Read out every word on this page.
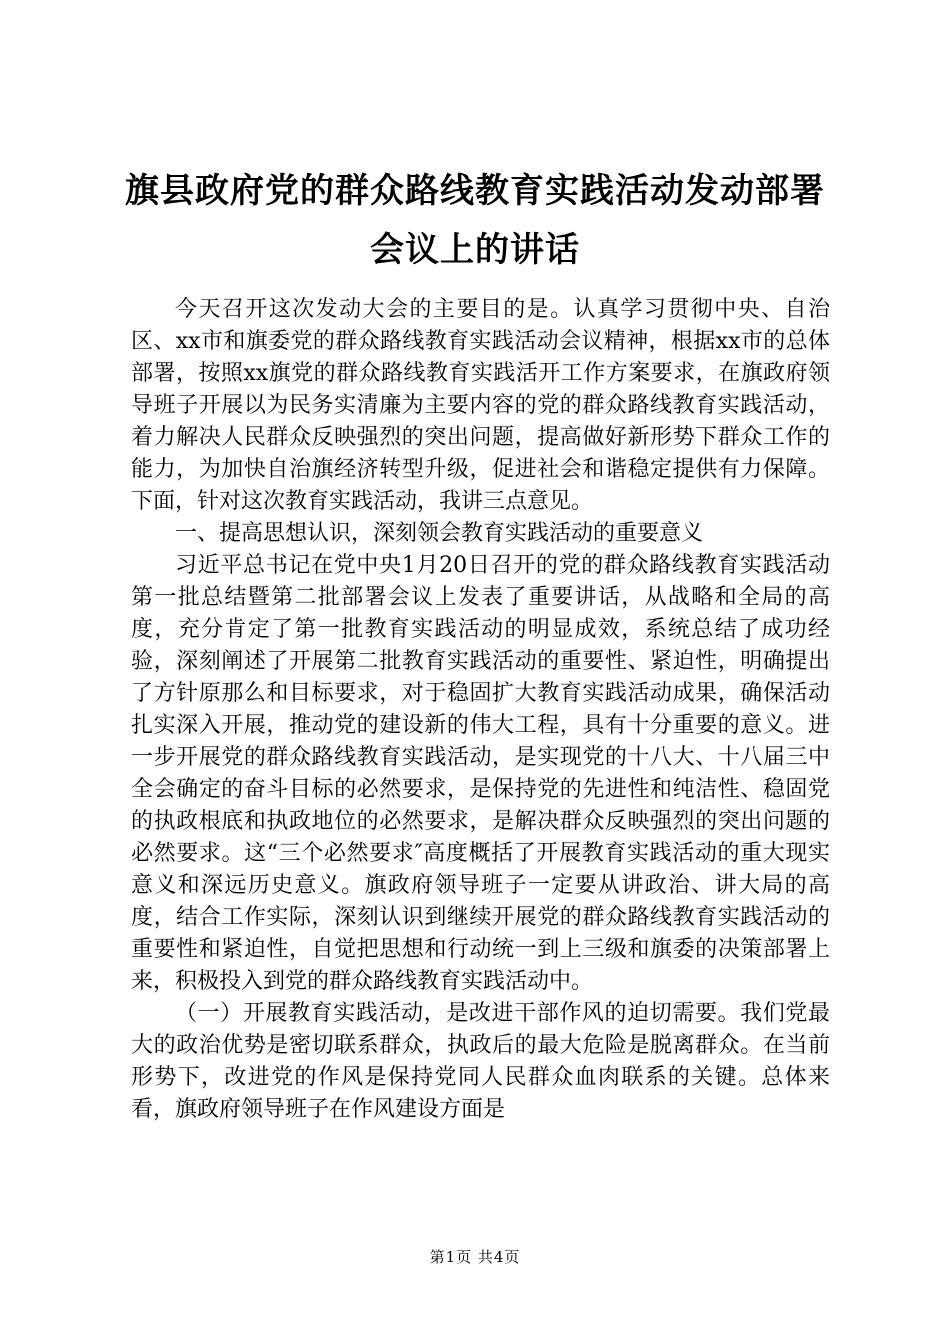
旗县政府党的群众路线教育实践活动发动部署
会议上的讲话

今天召开这次发动大会的主要目的是。认真学习贯彻中央、自治区、xx市和旗委党的群众路线教育实践活动会议精神，根据xx市的总体部署，按照xx旗党的群众路线教育实践活开工作方案要求，在旗政府领导班子开展以为民务实清廉为主要内容的党的群众路线教育实践活动，着力解决人民群众反映强烈的突出问题，提高做好新形势下群众工作的能力，为加快自治旗经济转型升级，促进社会和谐稳定提供有力保障。下面，针对这次教育实践活动，我讲三点意见。

一、提高思想认识，深刻领会教育实践活动的重要意义

习近平总书记在党中央1月20日召开的党的群众路线教育实践活动第一批总结暨第二批部署会议上发表了重要讲话，从战略和全局的高度，充分肯定了第一批教育实践活动的明显成效，系统总结了成功经验，深刻阐述了开展第二批教育实践活动的重要性、紧迫性，明确提出了方针原那么和目标要求，对于稳固扩大教育实践活动成果，确保活动扎实深入开展，推动党的建设新的伟大工程，具有十分重要的意义。进一步开展党的群众路线教育实践活动，是实现党的十八大、十八届三中全会确定的奋斗目标的必然要求，是保持党的先进性和纯洁性、稳固党的执政根底和执政地位的必然要求，是解决群众反映强烈的突出问题的必然要求。这“三个必然要求″高度概括了开展教育实践活动的重大现实意义和深远历史意义。旗政府领导班子一定要从讲政治、讲大局的高度，结合工作实际，深刻认识到继续开展党的群众路线教育实践活动的重要性和紧迫性，自觉把思想和行动统一到上三级和旗委的决策部署上来，积极投入到党的群众路线教育实践活动中。

（一）开展教育实践活动，是改进干部作风的迫切需要。我们党最大的政治优势是密切联系群众，执政后的最大危险是脱离群众。在当前形势下，改进党的作风是保持党同人民群众血肉联系的关键。总体来看，旗政府领导班子在作风建设方面是

第1页 共4页
